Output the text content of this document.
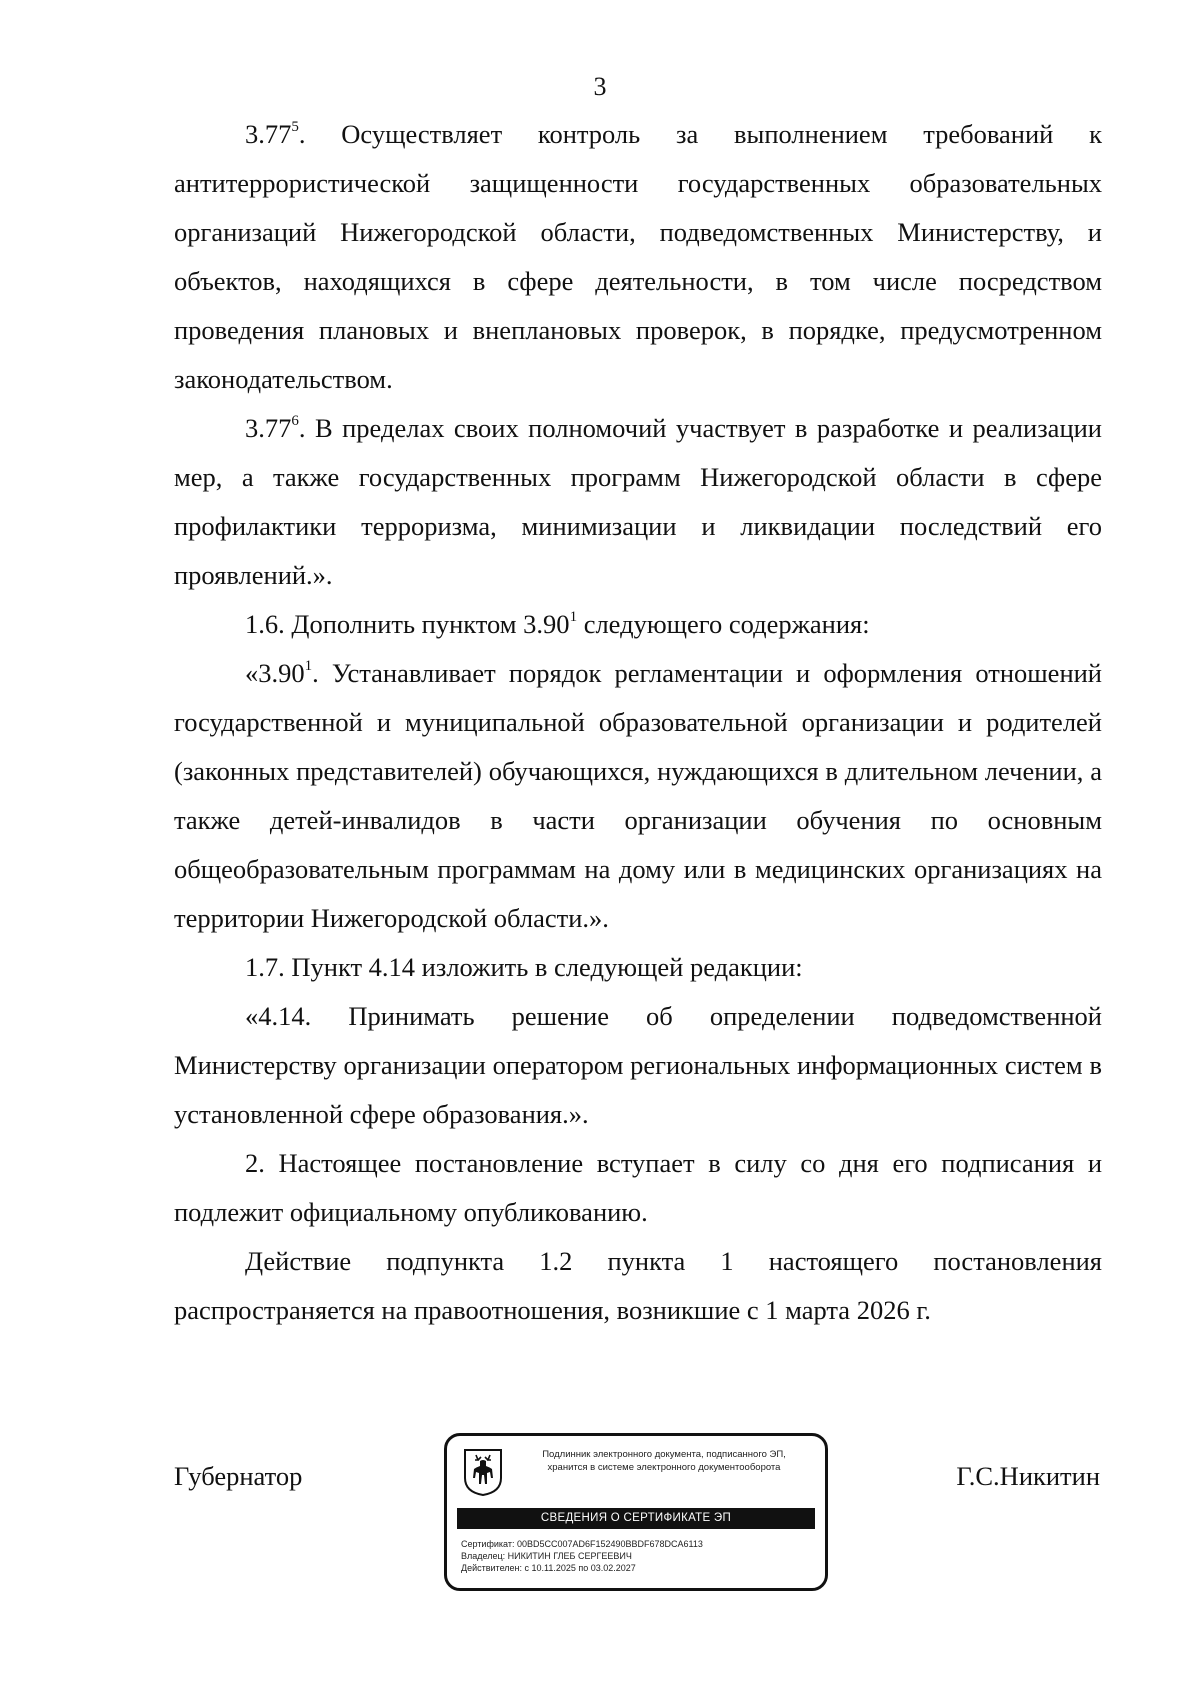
3

3.77$^5$. Осуществляет контроль за выполнением требований к антитеррористической защищенности государственных образовательных организаций Нижегородской области, подведомственных Министерству, и объектов, находящихся в сфере деятельности, в том числе посредством проведения плановых и внеплановых проверок, в порядке, предусмотренном законодательством.

3.77$^6$. В пределах своих полномочий участвует в разработке и реализации мер, а также государственных программ Нижегородской области в сфере профилактики терроризма, минимизации и ликвидации последствий его проявлений.».

1.6. Дополнить пунктом 3.90$^1$ следующего содержания:

«3.90$^1$. Устанавливает порядок регламентации и оформления отношений государственной и муниципальной образовательной организации и родителей (законных представителей) обучающихся, нуждающихся в длительном лечении, а также детей-инвалидов в части организации обучения по основным общеобразовательным программам на дому или в медицинских организациях на территории Нижегородской области.».

1.7. Пункт 4.14 изложить в следующей редакции:

«4.14. Принимать решение об определении подведомственной Министерству организации оператором региональных информационных систем в установленной сфере образования.».

2. Настоящее постановление вступает в силу со дня его подписания и подлежит официальному опубликованию.

Действие подпункта 1.2 пункта 1 настоящего постановления распространяется на правоотношения, возникшие с 1 марта 2026 г.

Губернатор
Подлинник электронного документа, подписанного ЭП,
хранится в системе электронного документооборота
СВЕДЕНИЯ О СЕРТИФИКАТЕ ЭП
Сертификат: 00BD5CC007AD6F152490BBDF678DCA6113
Владелец: НИКИТИН ГЛЕБ СЕРГЕЕВИЧ
Действителен: с 10.11.2025 по 03.02.2027
Г.С.Никитин
